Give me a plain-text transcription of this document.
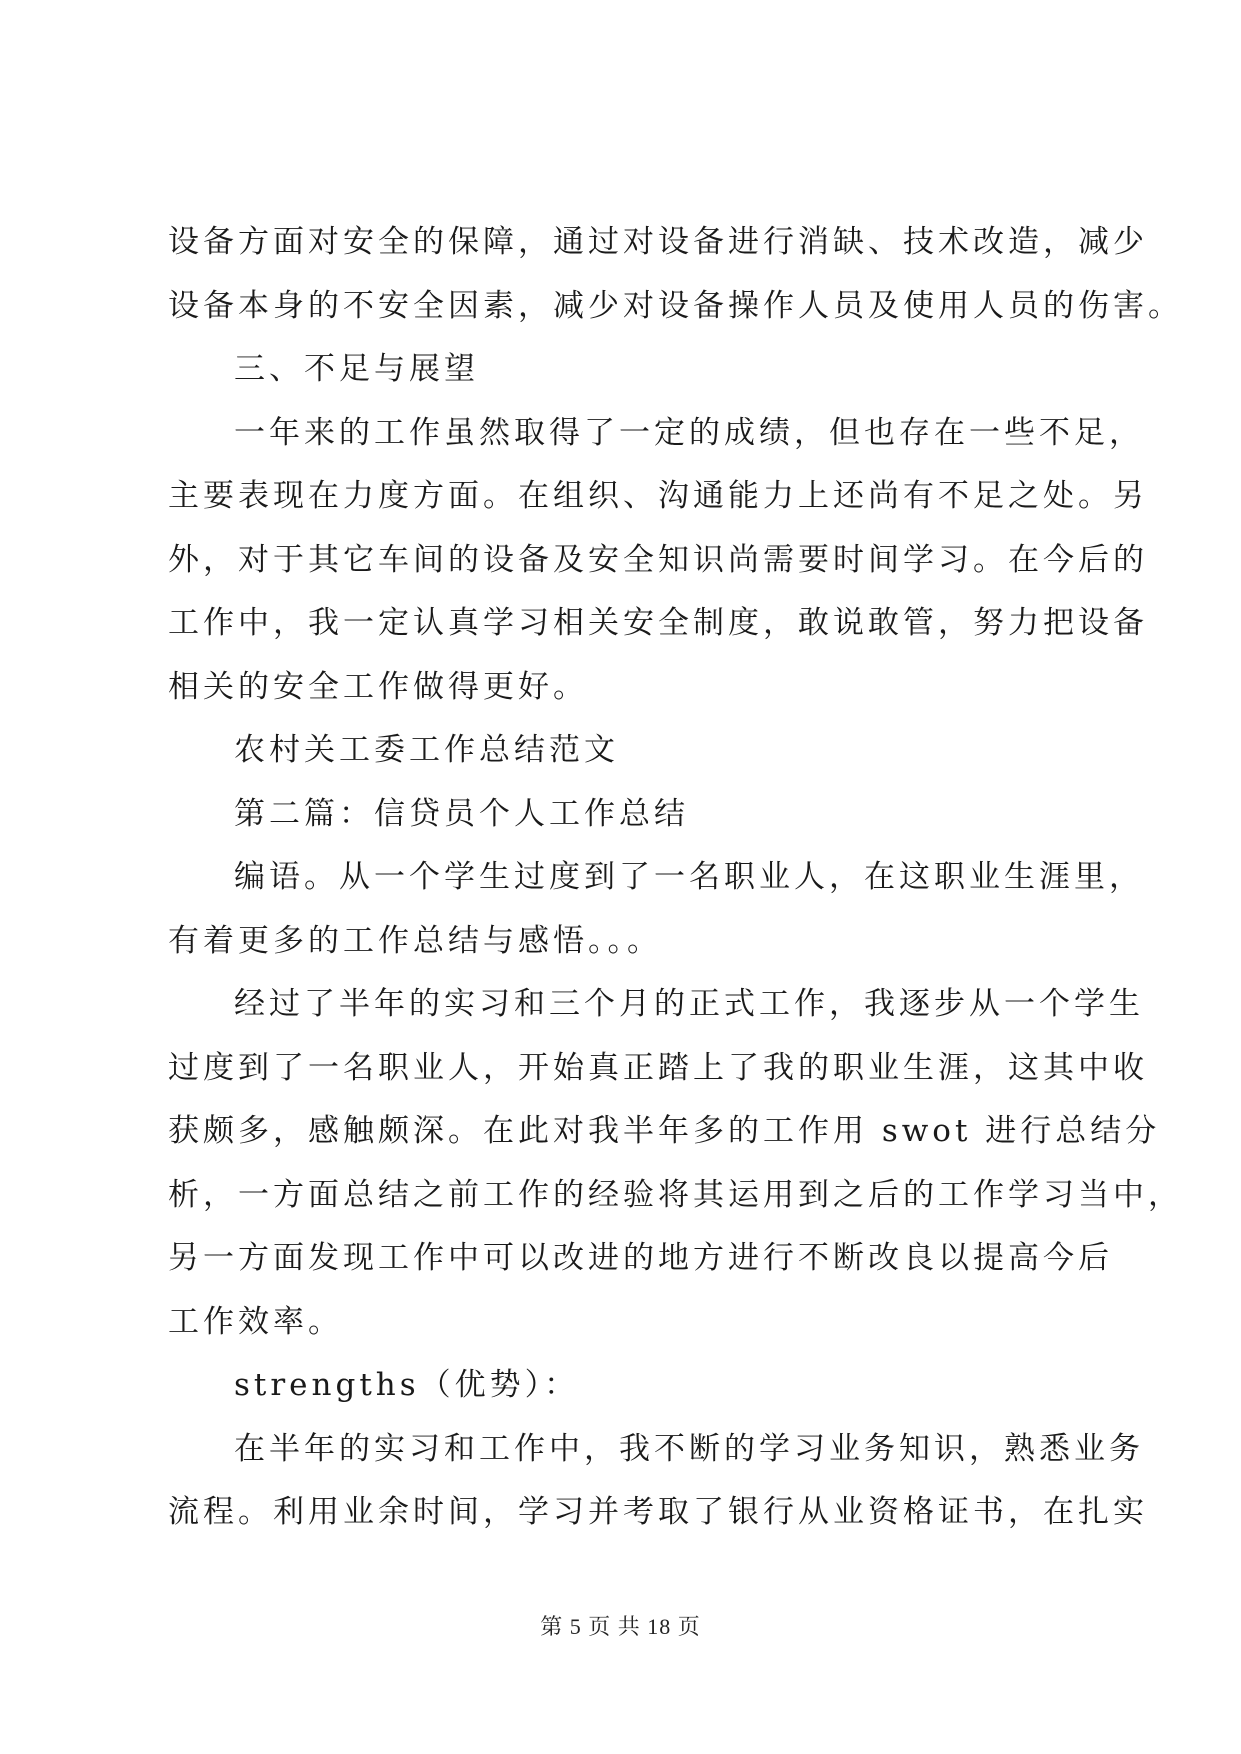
设备方面对安全的保障，通过对设备进行消缺、技术改造，减少
设备本身的不安全因素，减少对设备操作人员及使用人员的伤害。
三、不足与展望
一年来的工作虽然取得了一定的成绩，但也存在一些不足，
主要表现在力度方面。在组织、沟通能力上还尚有不足之处。另
外，对于其它车间的设备及安全知识尚需要时间学习。在今后的
工作中，我一定认真学习相关安全制度，敢说敢管，努力把设备
相关的安全工作做得更好。
农村关工委工作总结范文
第二篇：信贷员个人工作总结
编语。从一个学生过度到了一名职业人，在这职业生涯里，
有着更多的工作总结与感悟。。。
经过了半年的实习和三个月的正式工作，我逐步从一个学生
过度到了一名职业人，开始真正踏上了我的职业生涯，这其中收
获颇多，感触颇深。在此对我半年多的工作用 swot 进行总结分
析，一方面总结之前工作的经验将其运用到之后的工作学习当中，
另一方面发现工作中可以改进的地方进行不断改良以提高今后
工作效率。
strengths（优势）：
在半年的实习和工作中，我不断的学习业务知识，熟悉业务
流程。利用业余时间，学习并考取了银行从业资格证书，在扎实
第 5 页 共 18 页
